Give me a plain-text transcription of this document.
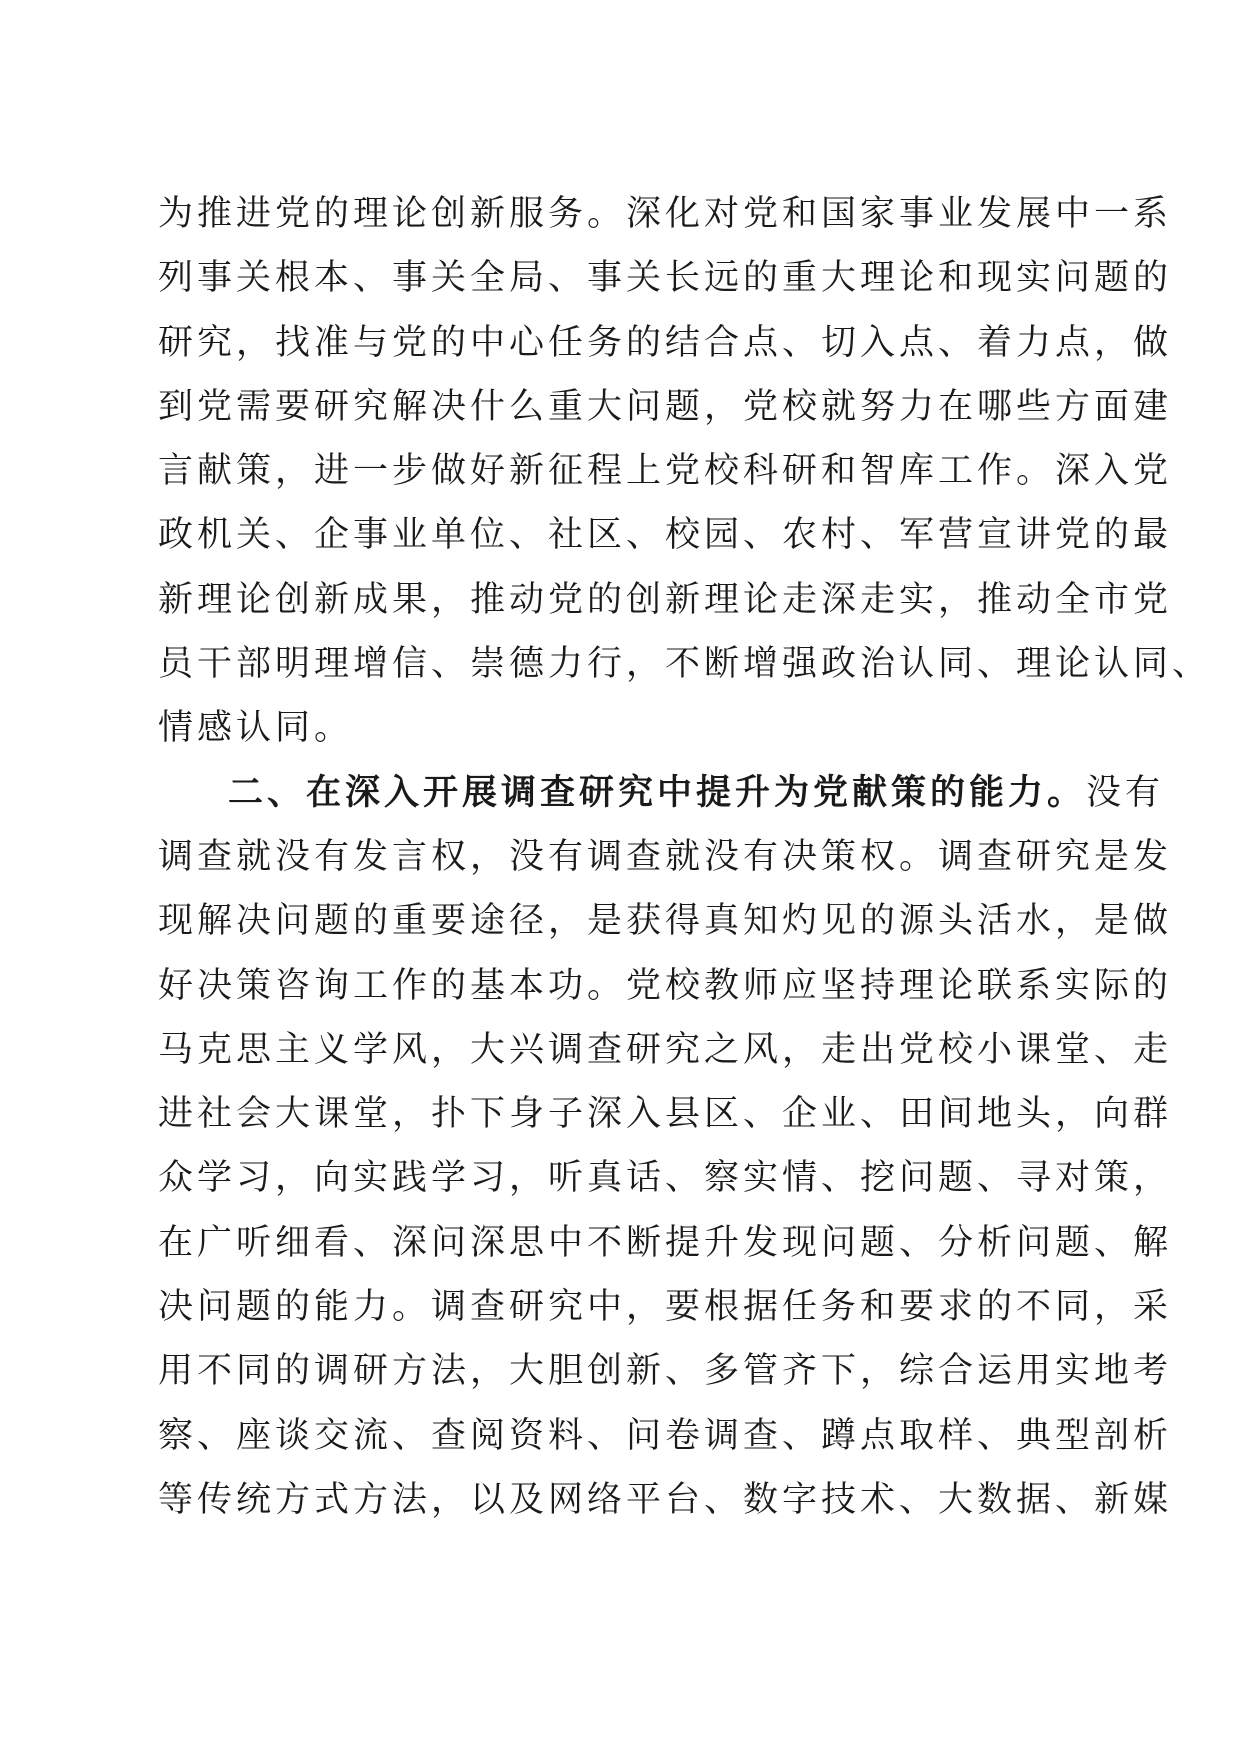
为推进党的理论创新服务。深化对党和国家事业发展中一系
列事关根本、事关全局、事关长远的重大理论和现实问题的
研究，找准与党的中心任务的结合点、切入点、着力点，做
到党需要研究解决什么重大问题，党校就努力在哪些方面建
言献策，进一步做好新征程上党校科研和智库工作。深入党
政机关、企事业单位、社区、校园、农村、军营宣讲党的最
新理论创新成果，推动党的创新理论走深走实，推动全市党
员干部明理增信、崇德力行，不断增强政治认同、理论认同、
情感认同。
二、在深入开展调查研究中提升为党献策的能力。没有
调查就没有发言权，没有调查就没有决策权。调查研究是发
现解决问题的重要途径，是获得真知灼见的源头活水，是做
好决策咨询工作的基本功。党校教师应坚持理论联系实际的
马克思主义学风，大兴调查研究之风，走出党校小课堂、走
进社会大课堂，扑下身子深入县区、企业、田间地头，向群
众学习，向实践学习，听真话、察实情、挖问题、寻对策，
在广听细看、深问深思中不断提升发现问题、分析问题、解
决问题的能力。调查研究中，要根据任务和要求的不同，采
用不同的调研方法，大胆创新、多管齐下，综合运用实地考
察、座谈交流、查阅资料、问卷调查、蹲点取样、典型剖析
等传统方式方法，以及网络平台、数字技术、大数据、新媒
